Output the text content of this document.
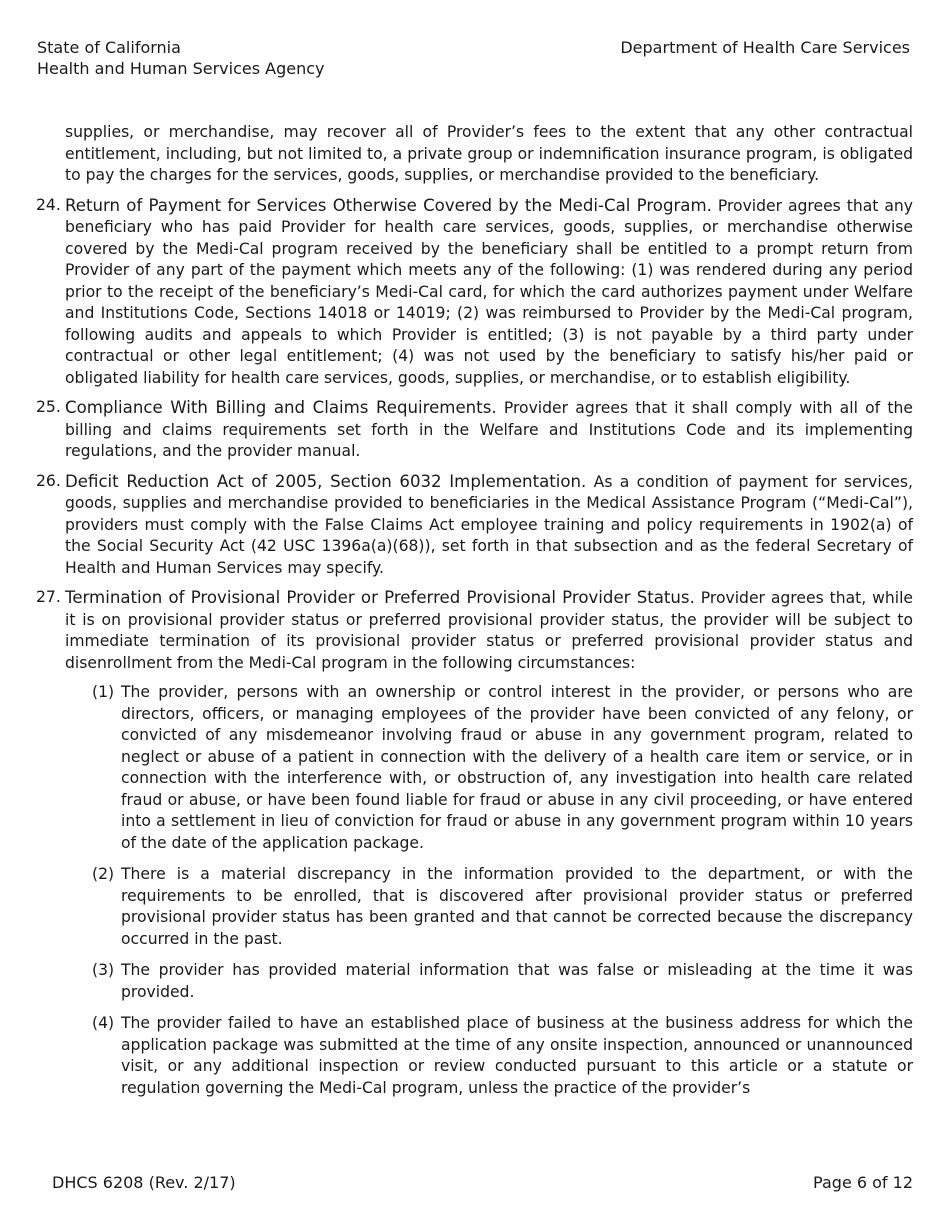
State of California
Health and Human Services Agency
Department of Health Care Services
supplies, or merchandise, may recover all of Provider’s fees to the extent that any other contractual entitlement, including, but not limited to, a private group or indemnification insurance program, is obligated to pay the charges for the services, goods, supplies, or merchandise provided to the beneficiary.
24. Return of Payment for Services Otherwise Covered by the Medi-Cal Program. Provider agrees that any beneficiary who has paid Provider for health care services, goods, supplies, or merchandise otherwise covered by the Medi-Cal program received by the beneficiary shall be entitled to a prompt return from Provider of any part of the payment which meets any of the following: (1) was rendered during any period prior to the receipt of the beneficiary’s Medi-Cal card, for which the card authorizes payment under Welfare and Institutions Code, Sections 14018 or 14019; (2) was reimbursed to Provider by the Medi-Cal program, following audits and appeals to which Provider is entitled; (3) is not payable by a third party under contractual or other legal entitlement; (4) was not used by the beneficiary to satisfy his/her paid or obligated liability for health care services, goods, supplies, or merchandise, or to establish eligibility.
25. Compliance With Billing and Claims Requirements. Provider agrees that it shall comply with all of the billing and claims requirements set forth in the Welfare and Institutions Code and its implementing regulations, and the provider manual.
26. Deficit Reduction Act of 2005, Section 6032 Implementation. As a condition of payment for services, goods, supplies and merchandise provided to beneficiaries in the Medical Assistance Program (“Medi-Cal”), providers must comply with the False Claims Act employee training and policy requirements in 1902(a) of the Social Security Act (42 USC 1396a(a)(68)), set forth in that subsection and as the federal Secretary of Health and Human Services may specify.
27. Termination of Provisional Provider or Preferred Provisional Provider Status. Provider agrees that, while it is on provisional provider status or preferred provisional provider status, the provider will be subject to immediate termination of its provisional provider status or preferred provisional provider status and disenrollment from the Medi-Cal program in the following circumstances:
(1) The provider, persons with an ownership or control interest in the provider, or persons who are directors, officers, or managing employees of the provider have been convicted of any felony, or convicted of any misdemeanor involving fraud or abuse in any government program, related to neglect or abuse of a patient in connection with the delivery of a health care item or service, or in connection with the interference with, or obstruction of, any investigation into health care related fraud or abuse, or have been found liable for fraud or abuse in any civil proceeding, or have entered into a settlement in lieu of conviction for fraud or abuse in any government program within 10 years of the date of the application package.
(2) There is a material discrepancy in the information provided to the department, or with the requirements to be enrolled, that is discovered after provisional provider status or preferred provisional provider status has been granted and that cannot be corrected because the discrepancy occurred in the past.
(3) The provider has provided material information that was false or misleading at the time it was provided.
(4) The provider failed to have an established place of business at the business address for which the application package was submitted at the time of any onsite inspection, announced or unannounced visit, or any additional inspection or review conducted pursuant to this article or a statute or regulation governing the Medi-Cal program, unless the practice of the provider’s
DHCS 6208 (Rev. 2/17)	Page 6 of 12
